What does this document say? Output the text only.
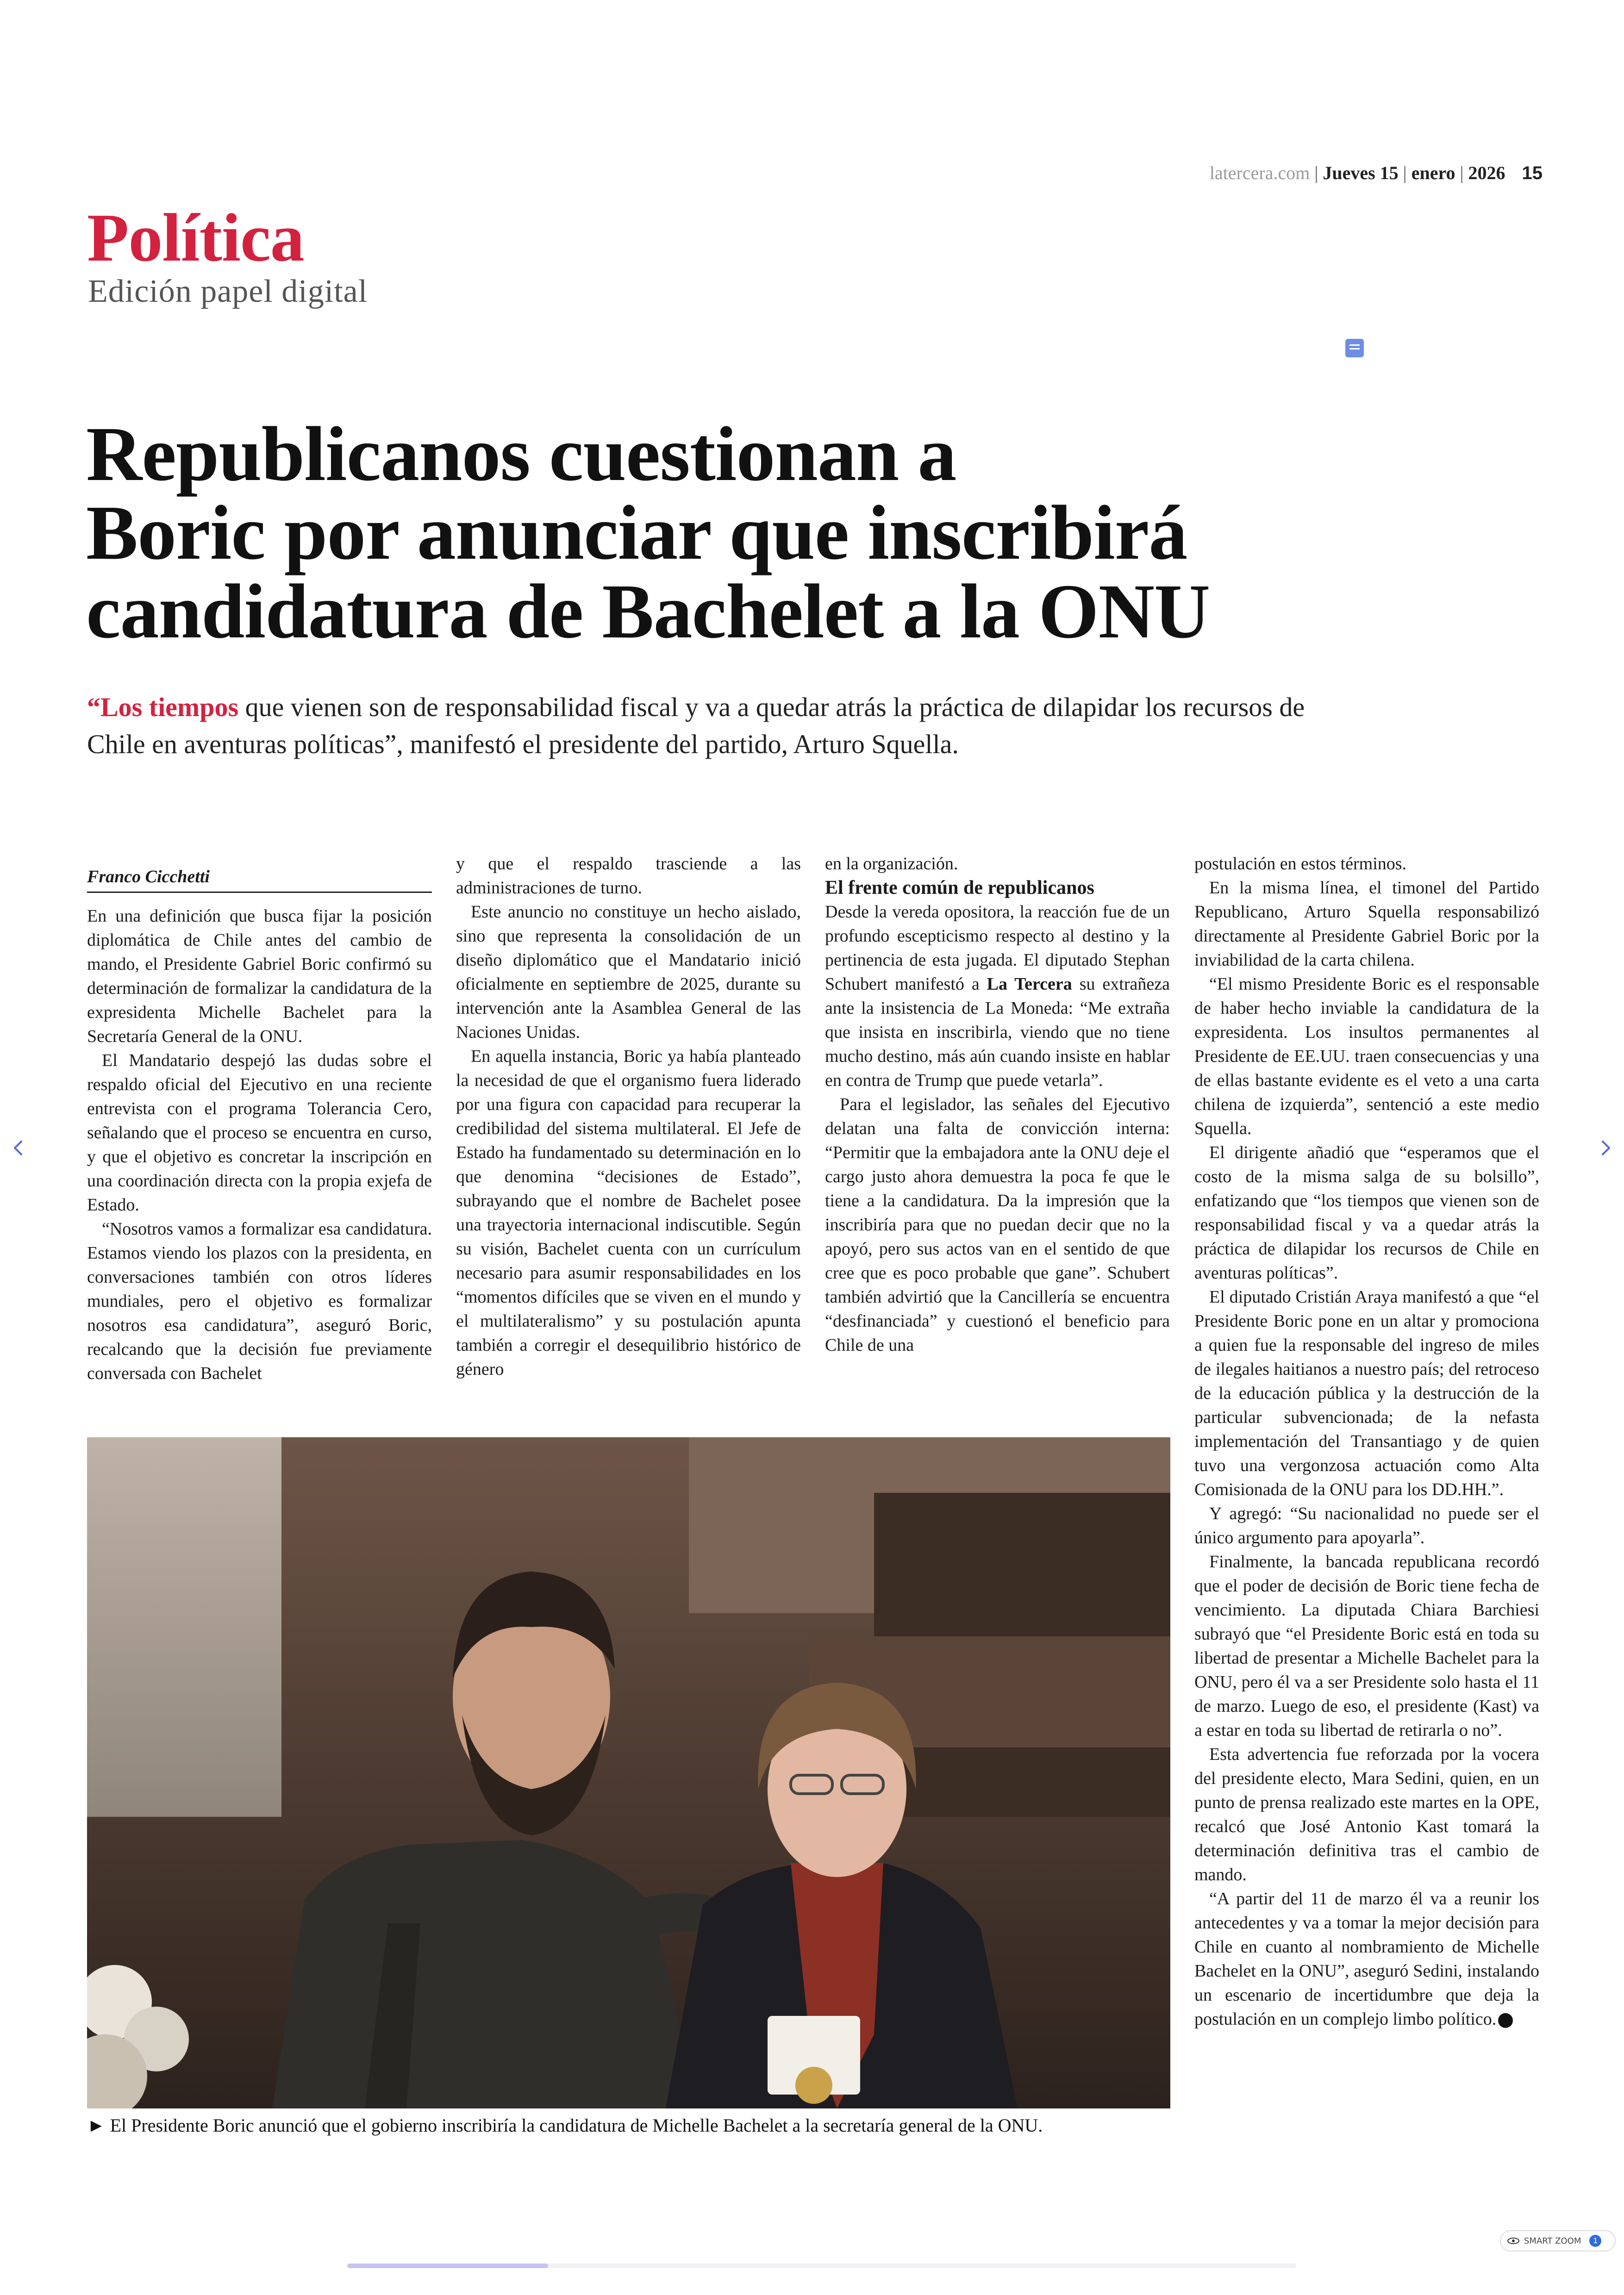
latercera.com | Jueves 15 | enero | 2026 15
Política
Edición papel digital
Republicanos cuestionan a
Boric por anunciar que inscribirá
candidatura de Bachelet a la ONU
“Los tiempos que vienen son de responsabilidad fiscal y va a quedar atrás la práctica de dilapidar los recursos de Chile en aventuras políticas”, manifestó el presidente del partido, Arturo Squella.
Franco Cicchetti

En una definición que busca fijar la posición diplomática de Chile antes del cambio de mando, el Presidente Gabriel Boric confirmó su determinación de formalizar la candidatura de la expresidenta Michelle Bachelet para la Secretaría General de la ONU.

El Mandatario despejó las dudas sobre el respaldo oficial del Ejecutivo en una reciente entrevista con el programa Tolerancia Cero, señalando que el proceso se encuentra en curso, y que el objetivo es concretar la inscripción en una coordinación directa con la propia exjefa de Estado.

“Nosotros vamos a formalizar esa candidatura. Estamos viendo los plazos con la presidenta, en conversaciones también con otros líderes mundiales, pero el objetivo es formalizar nosotros esa candidatura”, aseguró Boric, recalcando que la decisión fue previamente conversada con Bachelet

y que el respaldo trasciende a las administraciones de turno.

Este anuncio no constituye un hecho aislado, sino que representa la consolidación de un diseño diplomático que el Mandatario inició oficialmente en septiembre de 2025, durante su intervención ante la Asamblea General de las Naciones Unidas.

En aquella instancia, Boric ya había planteado la necesidad de que el organismo fuera liderado por una figura con capacidad para recuperar la credibilidad del sistema multilateral. El Jefe de Estado ha fundamentado su determinación en lo que denomina “decisiones de Estado”, subrayando que el nombre de Bachelet posee una trayectoria internacional indiscutible. Según su visión, Bachelet cuenta con un currículum necesario para asumir responsabilidades en los “momentos difíciles que se viven en el mundo y el multilateralismo” y su postulación apunta también a corregir el desequilibrio histórico de género

en la organización.

El frente común de republicanos

Desde la vereda opositora, la reacción fue de un profundo escepticismo respecto al destino y la pertinencia de esta jugada. El diputado Stephan Schubert manifestó a La Tercera su extrañeza ante la insistencia de La Moneda: “Me extraña que insista en inscribirla, viendo que no tiene mucho destino, más aún cuando insiste en hablar en contra de Trump que puede vetarla”.

Para el legislador, las señales del Ejecutivo delatan una falta de convicción interna: “Permitir que la embajadora ante la ONU deje el cargo justo ahora demuestra la poca fe que le tiene a la candidatura. Da la impresión que la inscribiría para que no puedan decir que no la apoyó, pero sus actos van en el sentido de que cree que es poco probable que gane”. Schubert también advirtió que la Cancillería se encuentra “desfinanciada” y cuestionó el beneficio para Chile de una

postulación en estos términos.

En la misma línea, el timonel del Partido Republicano, Arturo Squella responsabilizó directamente al Presidente Gabriel Boric por la inviabilidad de la carta chilena.

“El mismo Presidente Boric es el responsable de haber hecho inviable la candidatura de la expresidenta. Los insultos permanentes al Presidente de EE.UU. traen consecuencias y una de ellas bastante evidente es el veto a una carta chilena de izquierda”, sentenció a este medio Squella.

El dirigente añadió que “esperamos que el costo de la misma salga de su bolsillo”, enfatizando que “los tiempos que vienen son de responsabilidad fiscal y va a quedar atrás la práctica de dilapidar los recursos de Chile en aventuras políticas”.

El diputado Cristián Araya manifestó a que “el Presidente Boric pone en un altar y promociona a quien fue la responsable del ingreso de miles de ilegales haitianos a nuestro país; del retroceso de la educación pública y la destrucción de la particular subvencionada; de la nefasta implementación del Transantiago y de quien tuvo una vergonzosa actuación como Alta Comisionada de la ONU para los DD.HH.”.

Y agregó: “Su nacionalidad no puede ser el único argumento para apoyarla”.

Finalmente, la bancada republicana recordó que el poder de decisión de Boric tiene fecha de vencimiento. La diputada Chiara Barchiesi subrayó que “el Presidente Boric está en toda su libertad de presentar a Michelle Bachelet para la ONU, pero él va a ser Presidente solo hasta el 11 de marzo. Luego de eso, el presidente (Kast) va a estar en toda su libertad de retirarla o no”.

Esta advertencia fue reforzada por la vocera del presidente electo, Mara Sedini, quien, en un punto de prensa realizado este martes en la OPE, recalcó que José Antonio Kast tomará la determinación definitiva tras el cambio de mando.

“A partir del 11 de marzo él va a reunir los antecedentes y va a tomar la mejor decisión para Chile en cuanto al nombramiento de Michelle Bachelet en la ONU”, aseguró Sedini, instalando un escenario de incertidumbre que deja la postulación en un complejo limbo político.

► El Presidente Boric anunció que el gobierno inscribiría la candidatura de Michelle Bachelet a la secretaría general de la ONU.
SMART ZOOM	1
